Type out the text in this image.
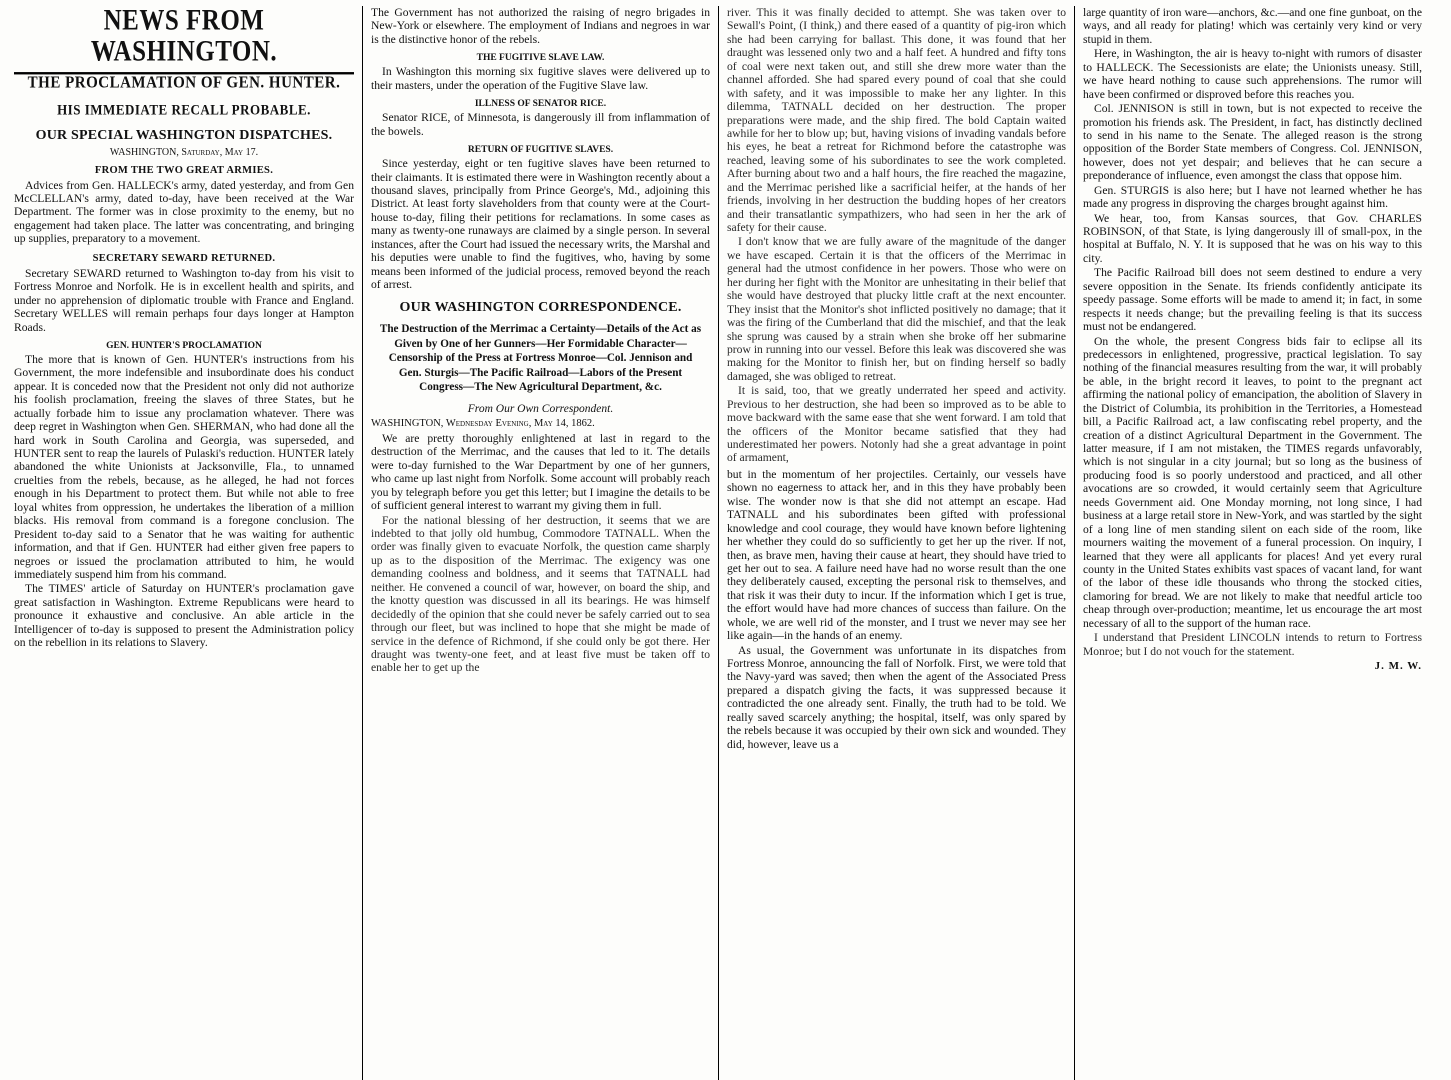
NEWS FROM WASHINGTON.
THE PROCLAMATION OF GEN. HUNTER.
HIS IMMEDIATE RECALL PROBABLE.
OUR SPECIAL WASHINGTON DISPATCHES.
WASHINGTON, Saturday, May 17.
FROM THE TWO GREAT ARMIES.

Advices from Gen. HALLECK's army, dated yesterday, and from Gen McCLELLAN's army, dated to-day, have been received at the War Department. The former was in close proximity to the enemy, but no engagement had taken place. The latter was concentrating, and bringing up supplies, preparatory to a movement.

SECRETARY SEWARD RETURNED.

Secretary SEWARD returned to Washington to-day from his visit to Fortress Monroe and Norfolk. He is in excellent health and spirits, and under no apprehension of diplomatic trouble with France and England. Secretary WELLES will remain perhaps four days longer at Hampton Roads.

GEN. HUNTER'S PROCLAMATION

The more that is known of Gen. HUNTER's instructions from his Government, the more indefensible and insubordinate does his conduct appear. It is conceded now that the President not only did not authorize his foolish proclamation, freeing the slaves of three States, but he actually forbade him to issue any proclamation whatever. There was deep regret in Washington when Gen. SHERMAN, who had done all the hard work in South Carolina and Georgia, was superseded, and HUNTER sent to reap the laurels of Pulaski's reduction. HUNTER lately abandoned the white Unionists at Jacksonville, Fla., to unnamed cruelties from the rebels, because, as he alleged, he had not forces enough in his Department to protect them. But while not able to free loyal whites from oppression, he undertakes the liberation of a million blacks. His removal from command is a foregone conclusion. The President to-day said to a Senator that he was waiting for authentic information, and that if Gen. HUNTER had either given free papers to negroes or issued the proclamation attributed to him, he would immediately suspend him from his command.

The TIMES' article of Saturday on HUNTER's proclamation gave great satisfaction in Washington. Extreme Republicans were heard to pronounce it exhaustive and conclusive. An able article in the Intelligencer of to-day is supposed to present the Administration policy on the rebellion in its relations to Slavery.

The Government has not authorized the raising of negro brigades in New-York or elsewhere. The employment of Indians and negroes in war is the distinctive honor of the rebels.

THE FUGITIVE SLAVE LAW.

In Washington this morning six fugitive slaves were delivered up to their masters, under the operation of the Fugitive Slave law.

ILLNESS OF SENATOR RICE.

Senator RICE, of Minnesota, is dangerously ill from inflammation of the bowels.

RETURN OF FUGITIVE SLAVES.

Since yesterday, eight or ten fugitive slaves have been returned to their claimants. It is estimated there were in Washington recently about a thousand slaves, principally from Prince George's, Md., adjoining this District. At least forty slaveholders from that county were at the Court-house to-day, filing their petitions for reclamations. In some cases as many as twenty-one runaways are claimed by a single person. In several instances, after the Court had issued the necessary writs, the Marshal and his deputies were unable to find the fugitives, who, having by some means been informed of the judicial process, removed beyond the reach of arrest.

OUR WASHINGTON CORRESPONDENCE.
The Destruction of the Merrimac a Certainty—Details of the Act as Given by One of her Gunners—Her Formidable Character—Censorship of the Press at Fortress Monroe—Col. Jennison and Gen. Sturgis—The Pacific Railroad—Labors of the Present Congress—The New Agricultural Department, &c.
From Our Own Correspondent.
WASHINGTON, Wednesday Evening, May 14, 1862.

We are pretty thoroughly enlightened at last in regard to the destruction of the Merrimac, and the causes that led to it. The details were to-day furnished to the War Department by one of her gunners, who came up last night from Norfolk. Some account will probably reach you by telegraph before you get this letter; but I imagine the details to be of sufficient general interest to warrant my giving them in full.

For the national blessing of her destruction, it seems that we are indebted to that jolly old humbug, Commodore TATNALL. When the order was finally given to evacuate Norfolk, the question came sharply up as to the disposition of the Merrimac. The exigency was one demanding coolness and boldness, and it seems that TATNALL had neither. He convened a council of war, however, on board the ship, and the knotty question was discussed in all its bearings. He was himself decidedly of the opinion that she could never be safely carried out to sea through our fleet, but was inclined to hope that she might be made of service in the defence of Richmond, if she could only be got there. Her draught was twenty-one feet, and at least five must be taken off to enable her to get up the

river. This it was finally decided to attempt. She was taken over to Sewall's Point, (I think,) and there eased of a quantity of pig-iron which she had been carrying for ballast. This done, it was found that her draught was lessened only two and a half feet. A hundred and fifty tons of coal were next taken out, and still she drew more water than the channel afforded. She had spared every pound of coal that she could with safety, and it was impossible to make her any lighter. In this dilemma, TATNALL decided on her destruction. The proper preparations were made, and the ship fired. The bold Captain waited awhile for her to blow up; but, having visions of invading vandals before his eyes, he beat a retreat for Richmond before the catastrophe was reached, leaving some of his subordinates to see the work completed. After burning about two and a half hours, the fire reached the magazine, and the Merrimac perished like a sacrificial heifer, at the hands of her friends, involving in her destruction the budding hopes of her creators and their transatlantic sympathizers, who had seen in her the ark of safety for their cause.

I don't know that we are fully aware of the magnitude of the danger we have escaped. Certain it is that the officers of the Merrimac in general had the utmost confidence in her powers. Those who were on her during her fight with the Monitor are unhesitating in their belief that she would have destroyed that plucky little craft at the next encounter. They insist that the Monitor's shot inflicted positively no damage; that it was the firing of the Cumberland that did the mischief, and that the leak she sprung was caused by a strain when she broke off her submarine prow in running into our vessel. Before this leak was discovered she was making for the Monitor to finish her, but on finding herself so badly damaged, she was obliged to retreat.

It is said, too, that we greatly underrated her speed and activity. Previous to her destruction, she had been so improved as to be able to move backward with the same ease that she went forward. I am told that the officers of the Monitor became satisfied that they had underestimated her powers. Notonly had she a great advantage in point of armament,

but in the momentum of her projectiles. Certainly, our vessels have shown no eagerness to attack her, and in this they have probably been wise. The wonder now is that she did not attempt an escape. Had TATNALL and his subordinates been gifted with professional knowledge and cool courage, they would have known before lightening her whether they could do so sufficiently to get her up the river. If not, then, as brave men, having their cause at heart, they should have tried to get her out to sea. A failure need have had no worse result than the one they deliberately caused, excepting the personal risk to themselves, and that risk it was their duty to incur. If the information which I get is true, the effort would have had more chances of success than failure. On the whole, we are well rid of the monster, and I trust we never may see her like again—in the hands of an enemy.

As usual, the Government was unfortunate in its dispatches from Fortress Monroe, announcing the fall of Norfolk. First, we were told that the Navy-yard was saved; then when the agent of the Associated Press prepared a dispatch giving the facts, it was suppressed because it contradicted the one already sent. Finally, the truth had to be told. We really saved scarcely anything; the hospital, itself, was only spared by the rebels because it was occupied by their own sick and wounded. They did, however, leave us a

large quantity of iron ware—anchors, &c.—and one fine gunboat, on the ways, and all ready for plating! which was certainly very kind or very stupid in them.

Here, in Washington, the air is heavy to-night with rumors of disaster to HALLECK. The Secessionists are elate; the Unionists uneasy. Still, we have heard nothing to cause such apprehensions. The rumor will have been confirmed or disproved before this reaches you.

Col. JENNISON is still in town, but is not expected to receive the promotion his friends ask. The President, in fact, has distinctly declined to send in his name to the Senate. The alleged reason is the strong opposition of the Border State members of Congress. Col. JENNISON, however, does not yet despair; and believes that he can secure a preponderance of influence, even amongst the class that oppose him.

Gen. STURGIS is also here; but I have not learned whether he has made any progress in disproving the charges brought against him.

We hear, too, from Kansas sources, that Gov. CHARLES ROBINSON, of that State, is lying dangerously ill of small-pox, in the hospital at Buffalo, N. Y. It is supposed that he was on his way to this city.

The Pacific Railroad bill does not seem destined to endure a very severe opposition in the Senate. Its friends confidently anticipate its speedy passage. Some efforts will be made to amend it; in fact, in some respects it needs change; but the prevailing feeling is that its success must not be endangered.

On the whole, the present Congress bids fair to eclipse all its predecessors in enlightened, progressive, practical legislation. To say nothing of the financial measures resulting from the war, it will probably be able, in the bright record it leaves, to point to the pregnant act affirming the national policy of emancipation, the abolition of Slavery in the District of Columbia, its prohibition in the Territories, a Homestead bill, a Pacific Railroad act, a law confiscating rebel property, and the creation of a distinct Agricultural Department in the Government. The latter measure, if I am not mistaken, the TIMES regards unfavorably, which is not singular in a city journal; but so long as the business of producing food is so poorly understood and practiced, and all other avocations are so crowded, it would certainly seem that Agriculture needs Government aid. One Monday morning, not long since, I had business at a large retail store in New-York, and was startled by the sight of a long line of men standing silent on each side of the room, like mourners waiting the movement of a funeral procession. On inquiry, I learned that they were all applicants for places! And yet every rural county in the United States exhibits vast spaces of vacant land, for want of the labor of these idle thousands who throng the stocked cities, clamoring for bread. We are not likely to make that needful article too cheap through over-production; meantime, let us encourage the art most necessary of all to the support of the human race.

I understand that President LINCOLN intends to return to Fortress Monroe; but I do not vouch for the statement.

J. M. W.
